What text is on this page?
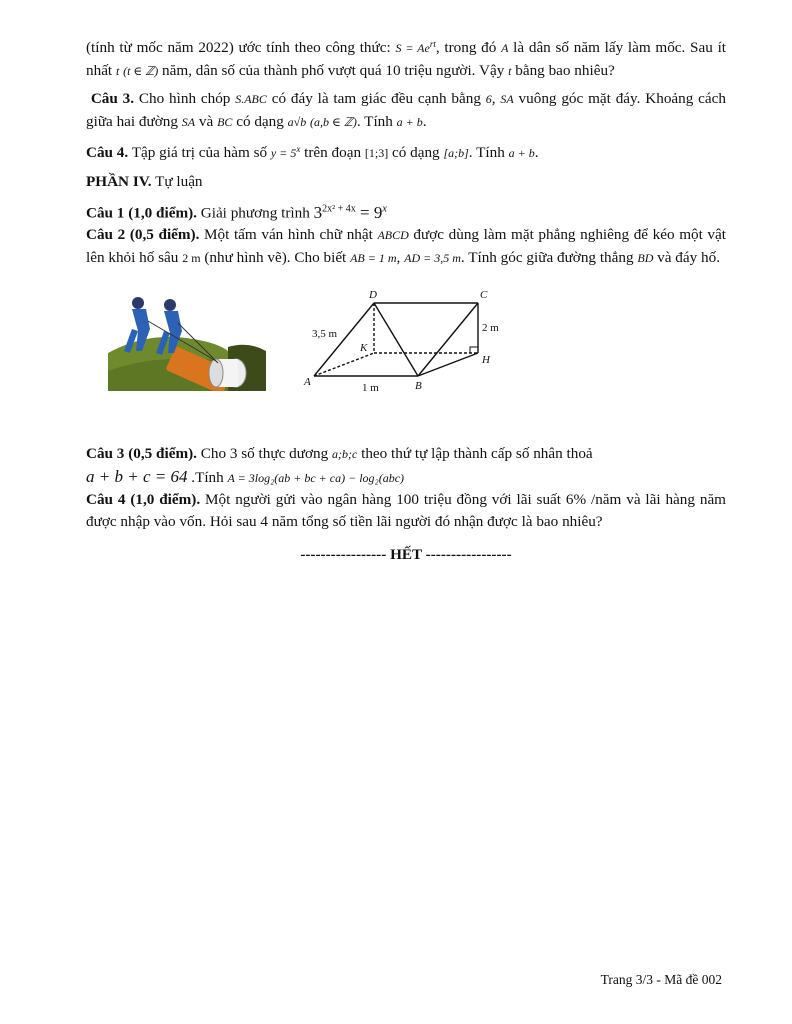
(tính từ mốc năm 2022) ước tính theo công thức: $S = Ae^{rt}$, trong đó A là dân số năm lấy làm mốc. Sau ít nhất t (t ∈ ℤ) năm, dân số của thành phố vượt quá 10 triệu người. Vậy t bằng bao nhiêu?

Câu 3. Cho hình chóp S.ABC có đáy là tam giác đều cạnh bằng 6, SA vuông góc mặt đáy. Khoảng cách giữa hai đường SA và BC có dạng a√b (a,b ∈ ℤ). Tính a + b.

Câu 4. Tập giá trị của hàm số $y = 5^x$ trên đoạn [1;3] có dạng [a;b]. Tính a + b.

PHẦN IV. Tự luận

Câu 1 (1,0 điểm). Giải phương trình $3^{2x^2 + 4x} = 9^x$

Câu 2 (0,5 điểm). Một tấm ván hình chữ nhật ABCD được dùng làm mặt phẳng nghiêng để kéo một vật lên khỏi hố sâu 2 m (như hình vẽ). Cho biết AB = 1 m, AD = 3,5 m. Tính góc giữa đường thẳng BD và đáy hố.

D	C
A	B
K
H
3,5 m	2 m
1 m

Câu 3 (0,5 điểm). Cho 3 số thực dương a;b;c theo thứ tự lập thành cấp số nhân thoả
a + b + c = 64 .Tính A = 3log₂(ab + bc + ca) − log₂(abc)

Câu 4 (1,0 điểm). Một người gửi vào ngân hàng 100 triệu đồng với lãi suất 6% /năm và lãi hàng năm được nhập vào vốn. Hỏi sau 4 năm tổng số tiền lãi người đó nhận được là bao nhiêu?

----------------- HẾT -----------------
Trang 3/3 - Mã đề 002
